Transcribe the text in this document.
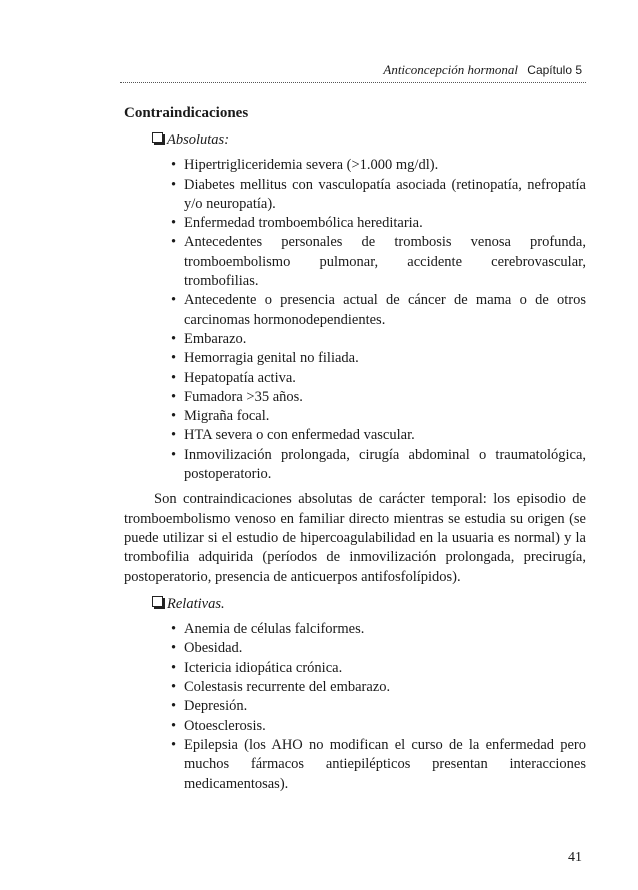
Anticoncepción hormonal Capítulo 5
Contraindicaciones
Absolutas:
• Hipertrigliceridemia severa (>1.000 mg/dl).
• Diabetes mellitus con vasculopatía asociada (retinopatía, nefropatía y/o neuropatía).
• Enfermedad tromboembólica hereditaria.
• Antecedentes personales de trombosis venosa profunda, tromboembolismo pulmonar, accidente cerebrovascular, trombofilias.
• Antecedente o presencia actual de cáncer de mama o de otros carcinomas hormonodependientes.
• Embarazo.
• Hemorragia genital no filiada.
• Hepatopatía activa.
• Fumadora >35 años.
• Migraña focal.
• HTA severa o con enfermedad vascular.
• Inmovilización prolongada, cirugía abdominal o traumatológica, postoperatorio.

Son contraindicaciones absolutas de carácter temporal: los episodio de tromboembolismo venoso en familiar directo mientras se estudia su origen (se puede utilizar si el estudio de hipercoagulabilidad en la usuaria es normal) y la trombofilia adquirida (períodos de inmovilización prolongada, precirugía, postoperatorio, presencia de anticuerpos antifosfolípidos).

Relativas.
• Anemia de células falciformes.
• Obesidad.
• Ictericia idiopática crónica.
• Colestasis recurrente del embarazo.
• Depresión.
• Otoesclerosis.
• Epilepsia (los AHO no modifican el curso de la enfermedad pero muchos fármacos antiepilépticos presentan interacciones medicamentosas).
41
